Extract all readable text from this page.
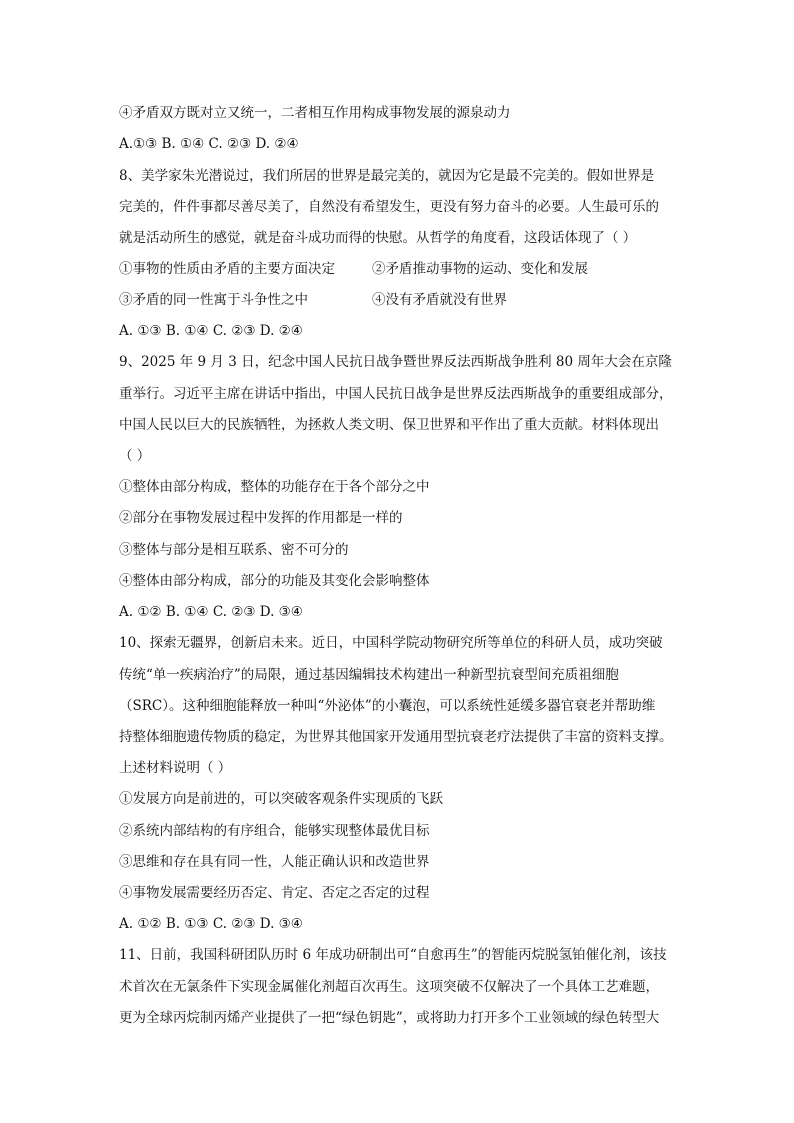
④矛盾双方既对立又统一，二者相互作用构成事物发展的源泉动力
A.①③ B. ①④ C. ②③ D. ②④
8、美学家朱光潜说过，我们所居的世界是最完美的，就因为它是最不完美的。假如世界是
完美的，件件事都尽善尽美了，自然没有希望发生，更没有努力奋斗的必要。人生最可乐的
就是活动所生的感觉，就是奋斗成功而得的快慰。从哲学的角度看，这段话体现了（ ）
①事物的性质由矛盾的主要方面决定	②矛盾推动事物的运动、变化和发展
③矛盾的同一性寓于斗争性之中	④没有矛盾就没有世界
A. ①③ B. ①④ C. ②③ D. ②④
9、2025 年 9 月 3 日，纪念中国人民抗日战争暨世界反法西斯战争胜利 80 周年大会在京隆
重举行。习近平主席在讲话中指出，中国人民抗日战争是世界反法西斯战争的重要组成部分，
中国人民以巨大的民族牺牲，为拯救人类文明、保卫世界和平作出了重大贡献。材料体现出
（ ）
①整体由部分构成，整体的功能存在于各个部分之中
②部分在事物发展过程中发挥的作用都是一样的
③整体与部分是相互联系、密不可分的
④整体由部分构成，部分的功能及其变化会影响整体
A. ①② B. ①④ C. ②③ D. ③④
10、探索无疆界，创新启未来。近日，中国科学院动物研究所等单位的科研人员，成功突破
传统“单一疾病治疗”的局限，通过基因编辑技术构建出一种新型抗衰型间充质祖细胞
（SRC）。这种细胞能释放一种叫“外泌体”的小囊泡，可以系统性延缓多器官衰老并帮助维
持整体细胞遗传物质的稳定，为世界其他国家开发通用型抗衰老疗法提供了丰富的资料支撑。
上述材料说明（ ）
①发展方向是前进的，可以突破客观条件实现质的飞跃
②系统内部结构的有序组合，能够实现整体最优目标
③思维和存在具有同一性，人能正确认识和改造世界
④事物发展需要经历否定、肯定、否定之否定的过程
A. ①② B. ①③ C. ②③ D. ③④
11、日前，我国科研团队历时 6 年成功研制出可“自愈再生”的智能丙烷脱氢铂催化剂，该技
术首次在无氯条件下实现金属催化剂超百次再生。这项突破不仅解决了一个具体工艺难题，
更为全球丙烷制丙烯产业提供了一把“绿色钥匙”，或将助力打开多个工业领域的绿色转型大
